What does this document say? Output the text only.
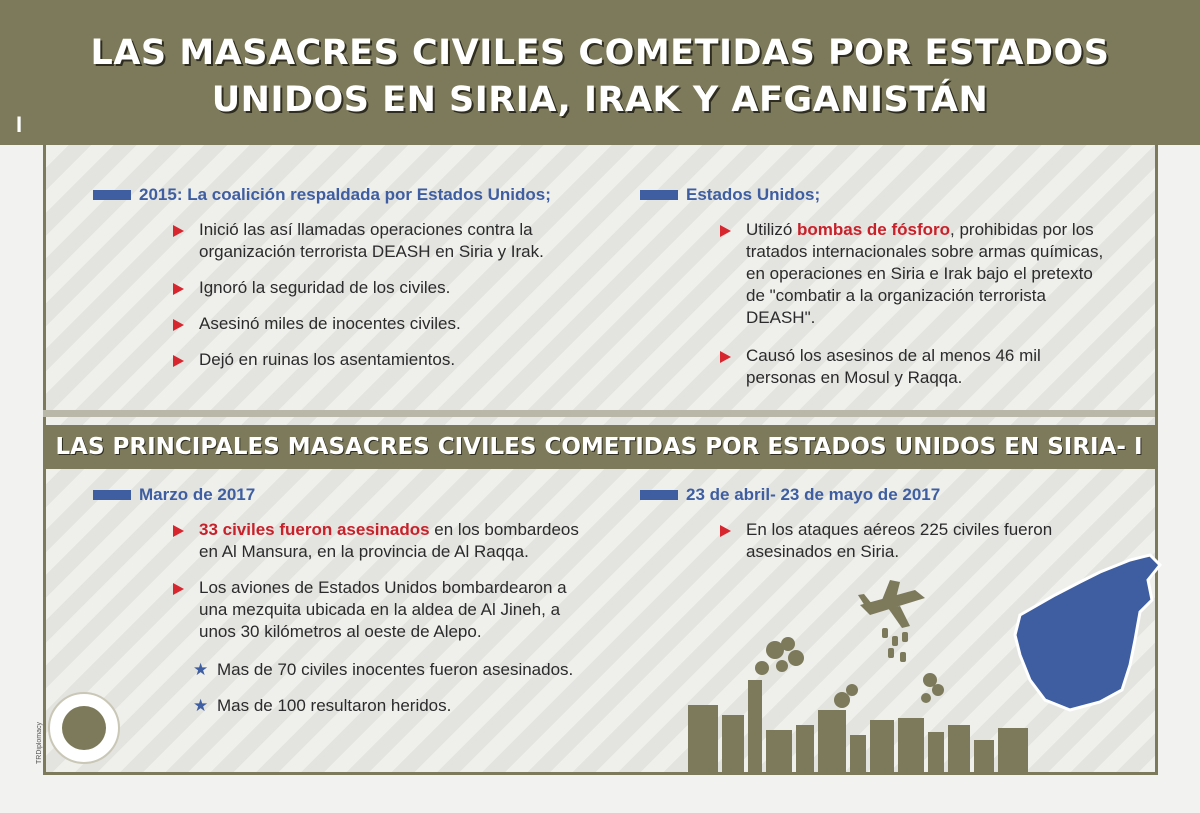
LAS MASACRES CIVILES COMETIDAS POR ESTADOS
UNIDOS EN SIRIA, IRAK Y AFGANISTÁN
I
2015: La coalición respaldada por Estados Unidos;
Inició las así llamadas operaciones contra la organización terrorista DEASH en Siria y Irak.
Ignoró la seguridad de los civiles.
Asesinó miles de inocentes civiles.
Dejó en ruinas los asentamientos.
Estados Unidos;
Utilizó bombas de fósforo, prohibidas por los tratados internacionales sobre armas químicas, en operaciones en Siria e Irak bajo el pretexto de "combatir a la organización terrorista DEASH".
Causó los asesinos de al menos 46 mil personas en Mosul y Raqqa.
LAS PRINCIPALES MASACRES CIVILES COMETIDAS POR ESTADOS UNIDOS EN SIRIA- I
Marzo de 2017
33 civiles fueron asesinados en los bombardeos en Al Mansura, en la provincia de Al Raqqa.
Los aviones de Estados Unidos bombardearon a una mezquita ubicada en la aldea de Al Jineh, a unos 30 kilómetros al oeste de Alepo.
★ Mas de 70 civiles inocentes fueron asesinados.
★ Mas de 100 resultaron heridos.
23 de abril- 23 de mayo de 2017
En los ataques aéreos 225 civiles fueron asesinados en Siria.
TRDiplomacy
